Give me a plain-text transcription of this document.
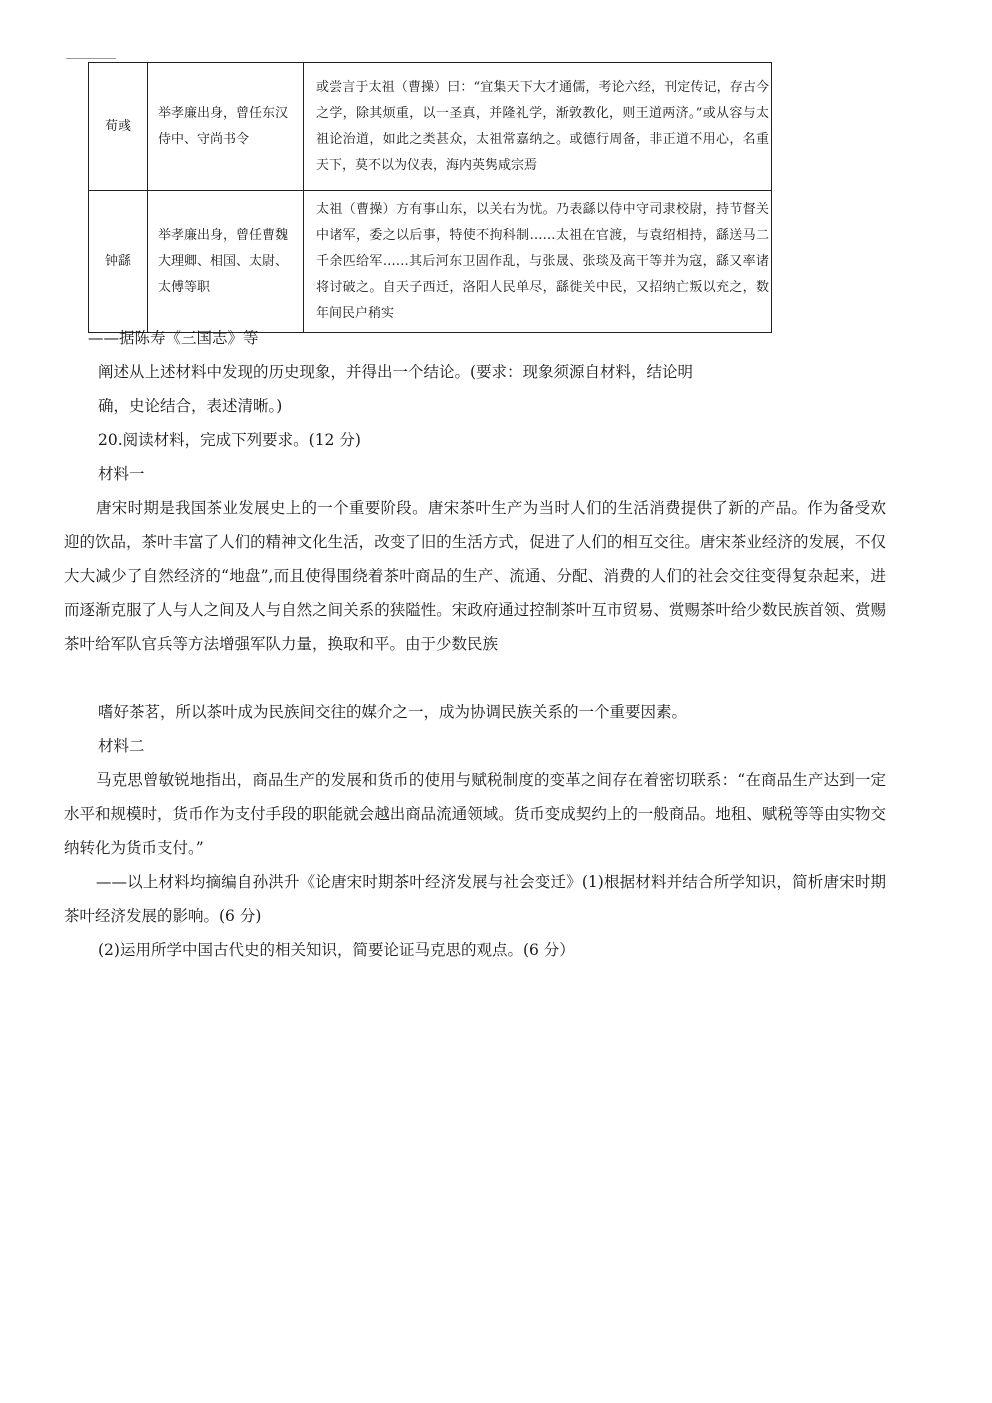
荀彧	举孝廉出身，曾任东汉侍中、守尚书令	或尝言于太祖（曹操）曰：“宜集天下大才通儒，考论六经，刊定传记，存古今之学，除其烦重，以一圣真，并隆礼学，渐敦教化，则王道两济。”或从容与太祖论治道，如此之类甚众，太祖常嘉纳之。或德行周备，非正道不用心，名重天下，莫不以为仪表，海内英隽咸宗焉
钟繇	举孝廉出身，曾任曹魏大理卿、相国、太尉、太傅等职	太祖（曹操）方有事山东，以关右为忧。乃表繇以侍中守司隶校尉，持节督关中诸军，委之以后事，特使不拘科制……太祖在官渡，与袁绍相持，繇送马二千余匹给军……其后河东卫固作乱，与张晟、张琰及高干等并为寇，繇又率诸将讨破之。自天子西迁，洛阳人民单尽，繇徙关中民，又招纳亡叛以充之，数年间民户稍实
——据陈寿《三国志》等
阐述从上述材料中发现的历史现象，并得出一个结论。(要求：现象须源自材料，结论明
确，史论结合，表述清晰。)
20.阅读材料，完成下列要求。(12 分)
材料一

唐宋时期是我国茶业发展史上的一个重要阶段。唐宋茶叶生产为当时人们的生活消费提供了新的产品。作为备受欢迎的饮品，茶叶丰富了人们的精神文化生活，改变了旧的生活方式，促进了人们的相互交往。唐宋茶业经济的发展，不仅大大减少了自然经济的“地盘”,而且使得围绕着茶叶商品的生产、流通、分配、消费的人们的社会交往变得复杂起来，进而逐渐克服了人与人之间及人与自然之间关系的狭隘性。宋政府通过控制茶叶互市贸易、赏赐茶叶给少数民族首领、赏赐茶叶给军队官兵等方法增强军队力量，换取和平。由于少数民族

嗜好茶茗，所以茶叶成为民族间交往的媒介之一，成为协调民族关系的一个重要因素。
材料二

马克思曾敏锐地指出，商品生产的发展和货币的使用与赋税制度的变革之间存在着密切联系：“在商品生产达到一定水平和规模时，货币作为支付手段的职能就会越出商品流通领域。货币变成契约上的一般商品。地租、赋税等等由实物交纳转化为货币支付。”

——以上材料均摘编自孙洪升《论唐宋时期茶叶经济发展与社会变迁》(1)根据材料并结合所学知识，简析唐宋时期茶叶经济发展的影响。(6 分)

(2)运用所学中国古代史的相关知识，简要论证马克思的观点。(6 分）
